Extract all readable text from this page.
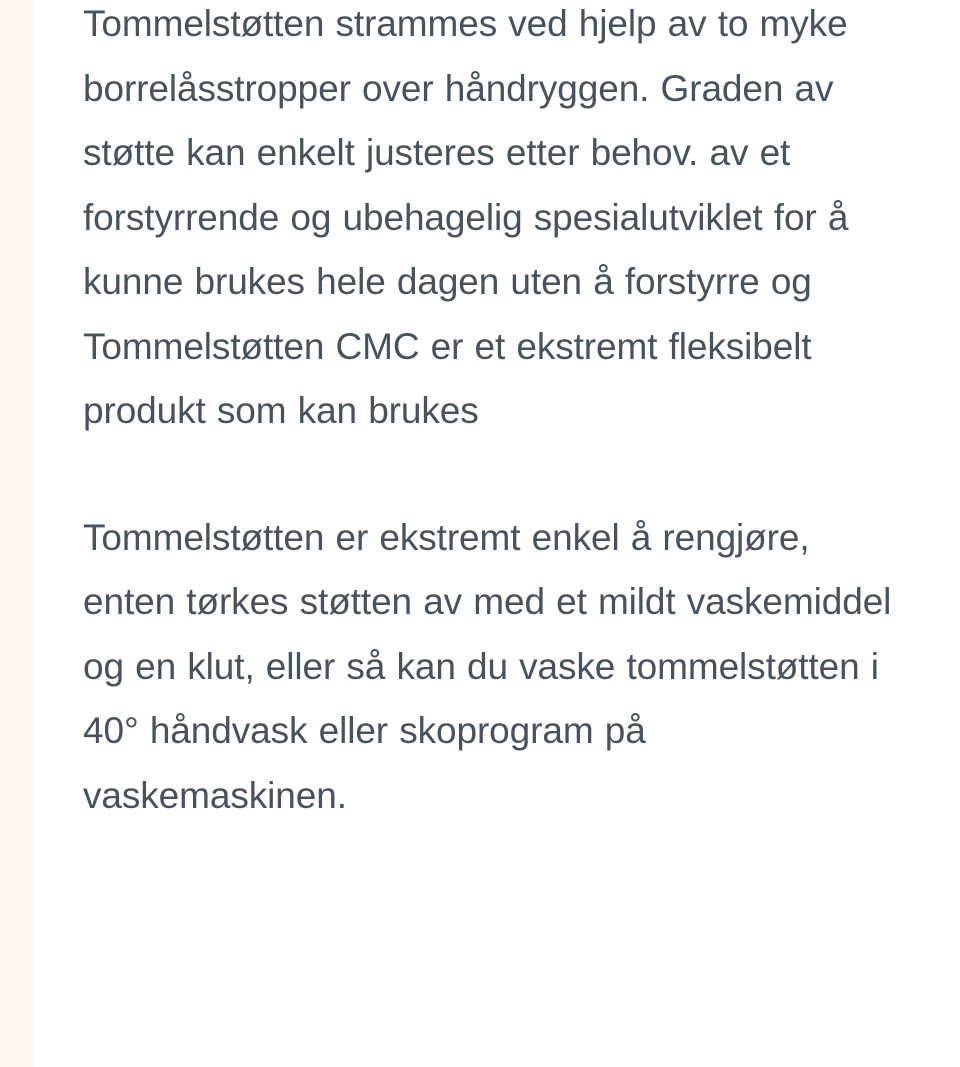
Tommelstøtten strammes ved hjelp av to myke borrelåsstropper over håndryggen. Graden av støtte kan enkelt justeres etter behov. av et forstyrrende og ubehagelig spesialutviklet for å kunne brukes hele dagen uten å forstyrre og Tommelstøtten CMC er et ekstremt fleksibelt produkt som kan brukes

Tommelstøtten er ekstremt enkel å rengjøre, enten tørkes støtten av med et mildt vaskemiddel og en klut, eller så kan du vaske tommelstøtten i 40° håndvask eller skoprogram på vaskemaskinen.
